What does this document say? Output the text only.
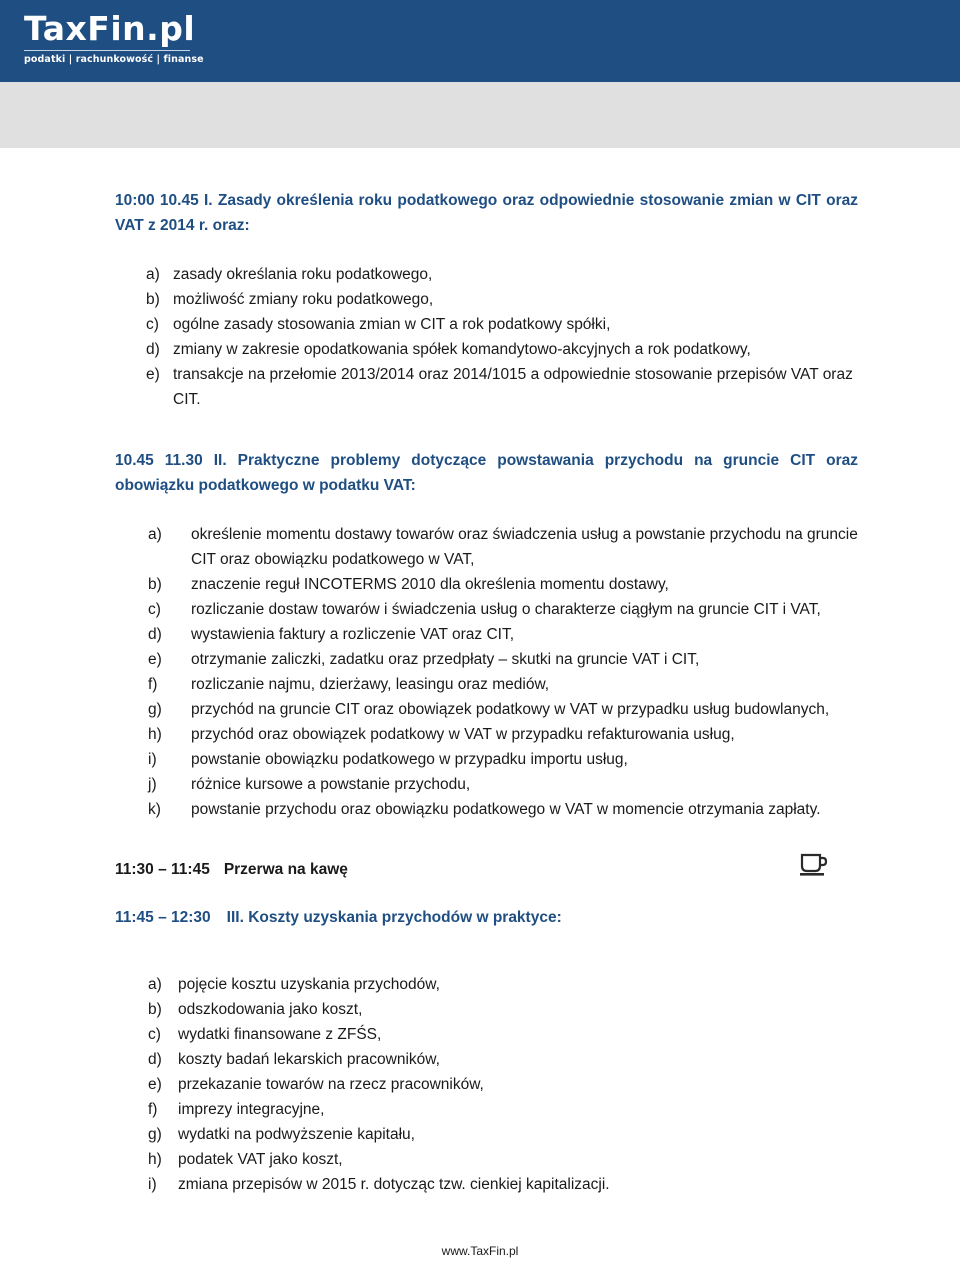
TaxFin.pl
podatki | rachunkowość | finanse
10:00 10.45 I. Zasady określenia roku podatkowego oraz odpowiednie stosowanie zmian w CIT oraz VAT z 2014 r. oraz:
a) zasady określania roku podatkowego,
b) możliwość zmiany roku podatkowego,
c) ogólne zasady stosowania zmian w CIT a rok podatkowy spółki,
d) zmiany w zakresie opodatkowania spółek komandytowo-akcyjnych a rok podatkowy,
e) transakcje na przełomie 2013/2014 oraz 2014/1015 a odpowiednie stosowanie przepisów VAT oraz CIT.
10.45 11.30 II. Praktyczne problemy dotyczące powstawania przychodu na gruncie CIT oraz obowiązku podatkowego w podatku VAT:
a) określenie momentu dostawy towarów oraz świadczenia usług a powstanie przychodu na gruncie CIT oraz obowiązku podatkowego w VAT,
b) znaczenie reguł INCOTERMS 2010 dla określenia momentu dostawy,
c) rozliczanie dostaw towarów i świadczenia usług o charakterze ciągłym na gruncie CIT i VAT,
d) wystawienia faktury a rozliczenie VAT oraz CIT,
e) otrzymanie zaliczki, zadatku oraz przedpłaty – skutki na gruncie VAT i CIT,
f) rozliczanie najmu, dzierżawy, leasingu oraz mediów,
g) przychód na gruncie CIT oraz obowiązek podatkowy w VAT w przypadku usług budowlanych,
h) przychód oraz obowiązek podatkowy w VAT w przypadku refakturowania usług,
i) powstanie obowiązku podatkowego w przypadku importu usług,
j) różnice kursowe a powstanie przychodu,
k) powstanie przychodu oraz obowiązku podatkowego w VAT w momencie otrzymania zapłaty.
11:30 – 11:45 Przerwa na kawę
11:45 – 12:30 III. Koszty uzyskania przychodów w praktyce:
a) pojęcie kosztu uzyskania przychodów,
b) odszkodowania jako koszt,
c) wydatki finansowane z ZFŚS,
d) koszty badań lekarskich pracowników,
e) przekazanie towarów na rzecz pracowników,
f) imprezy integracyjne,
g) wydatki na podwyższenie kapitału,
h) podatek VAT jako koszt,
i) zmiana przepisów w 2015 r. dotycząc tzw. cienkiej kapitalizacji.
www.TaxFin.pl
